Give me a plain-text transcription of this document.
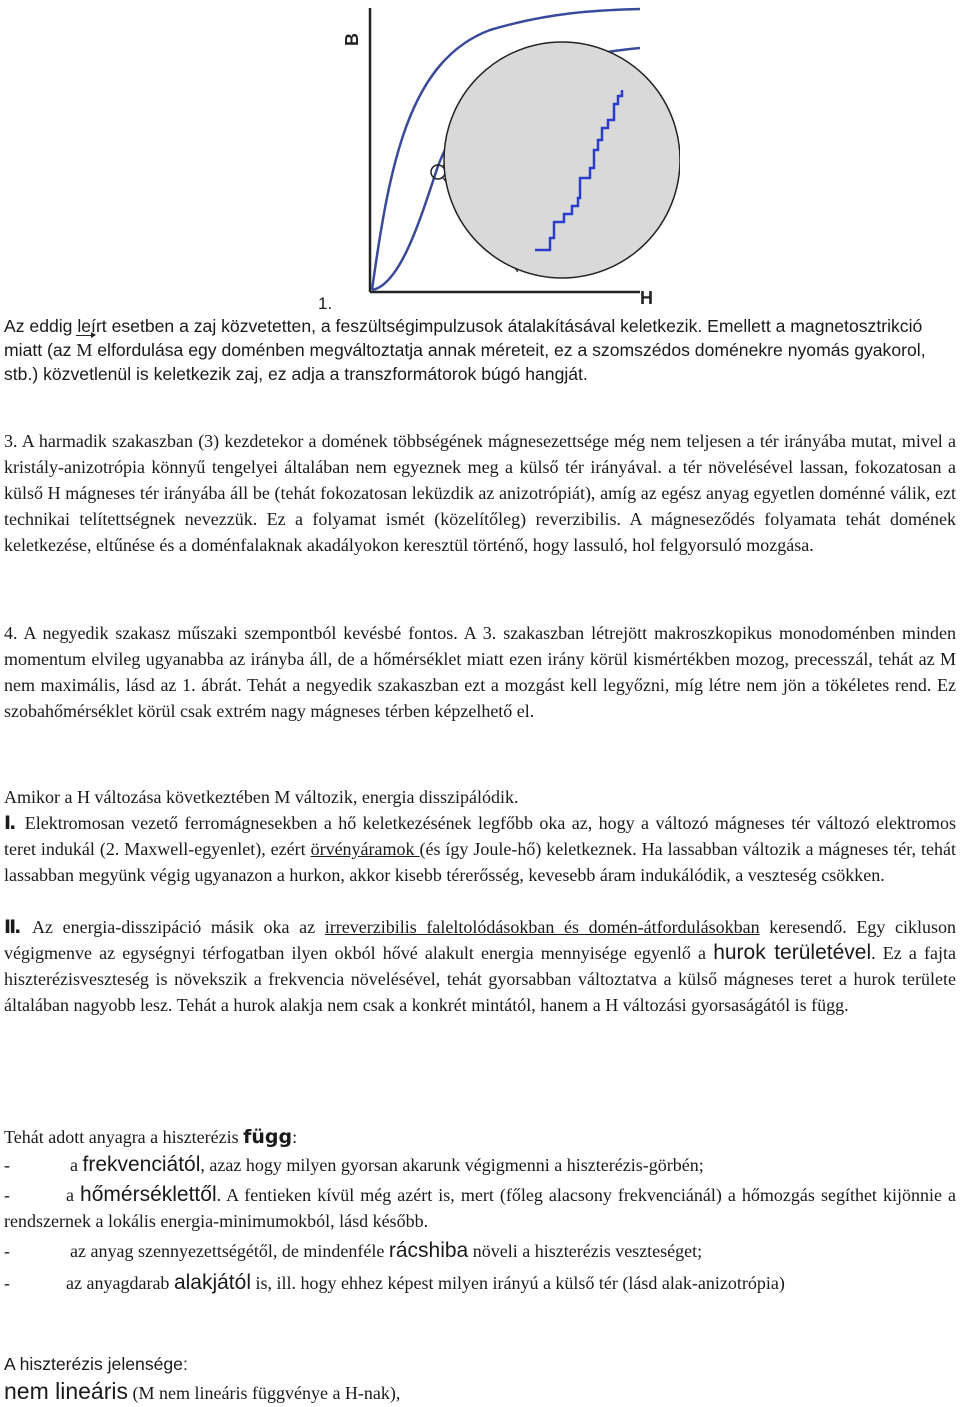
B
H
1.
Az eddig leírt esetben a zaj közvetetten, a feszültségimpulzusok átalakításával keletkezik. Emellett a magnetosztrikció miatt (az M elfordulása egy doménben megváltoztatja annak méreteit, ez a szomszédos doménekre nyomás gyakorol, stb.) közvetlenül is keletkezik zaj, ez adja a transzformátorok búgó hangját.
3. A harmadik szakaszban (3) kezdetekor a domének többségének mágnesezettsége még nem teljesen a tér irányába mutat, mivel a kristály-anizotrópia könnyű tengelyei általában nem egyeznek meg a külső tér irányával. a tér növelésével lassan, fokozatosan a külső H mágneses tér irányába áll be (tehát fokozatosan leküzdik az anizotrópiát), amíg az egész anyag egyetlen doménné válik, ezt technikai telítettségnek nevezzük. Ez a folyamat ismét (közelítőleg) reverzibilis. A mágneseződés folyamata tehát domének keletkezése, eltűnése és a doménfalaknak akadályokon keresztül történő, hogy lassuló, hol felgyorsuló mozgása.
4. A negyedik szakasz műszaki szempontból kevésbé fontos. A 3. szakaszban létrejött makroszkopikus monodoménben minden momentum elvileg ugyanabba az irányba áll, de a hőmérséklet miatt ezen irány körül kismértékben mozog, precesszál, tehát az M nem maximális, lásd az 1. ábrát. Tehát a negyedik szakaszban ezt a mozgást kell legyőzni, míg létre nem jön a tökéletes rend. Ez szobahőmérséklet körül csak extrém nagy mágneses térben képzelhető el.
Amikor a H változása következtében M változik, energia disszipálódik.
I. Elektromosan vezető ferromágnesekben a hő keletkezésének legfőbb oka az, hogy a változó mágneses tér változó elektromos teret indukál (2. Maxwell-egyenlet), ezért örvényáramok (és így Joule-hő) keletkeznek. Ha lassabban változik a mágneses tér, tehát lassabban megyünk végig ugyanazon a hurkon, akkor kisebb térerősség, kevesebb áram indukálódik, a veszteség csökken.
II. Az energia-disszipáció másik oka az irreverzibilis faleltolódásokban és domén-átfordulásokban keresendő. Egy cikluson végigmenve az egységnyi térfogatban ilyen okból hővé alakult energia mennyisége egyenlő a hurok területével. Ez a fajta hiszterézisveszteség is növekszik a frekvencia növelésével, tehát gyorsabban változtatva a külső mágneses teret a hurok területe általában nagyobb lesz. Tehát a hurok alakja nem csak a konkrét mintától, hanem a H változási gyorsaságától is függ.
Tehát adott anyagra a hiszterézis függ:
-	a frekvenciától, azaz hogy milyen gyorsan akarunk végigmenni a hiszterézis-görbén;
-	a hőmérséklettől. A fentieken kívül még azért is, mert (főleg alacsony frekvenciánál) a hőmozgás segíthet kijönnie a rendszernek a lokális energia-minimumokból, lásd később.
-	az anyag szennyezettségétől, de mindenféle rácshiba növeli a hiszterézis veszteséget;
-	az anyagdarab alakjától is, ill. hogy ehhez képest milyen irányú a külső tér (lásd alak-anizotrópia)
A hiszterézis jelensége:
nem lineáris (M nem lineáris függvénye a H-nak),
